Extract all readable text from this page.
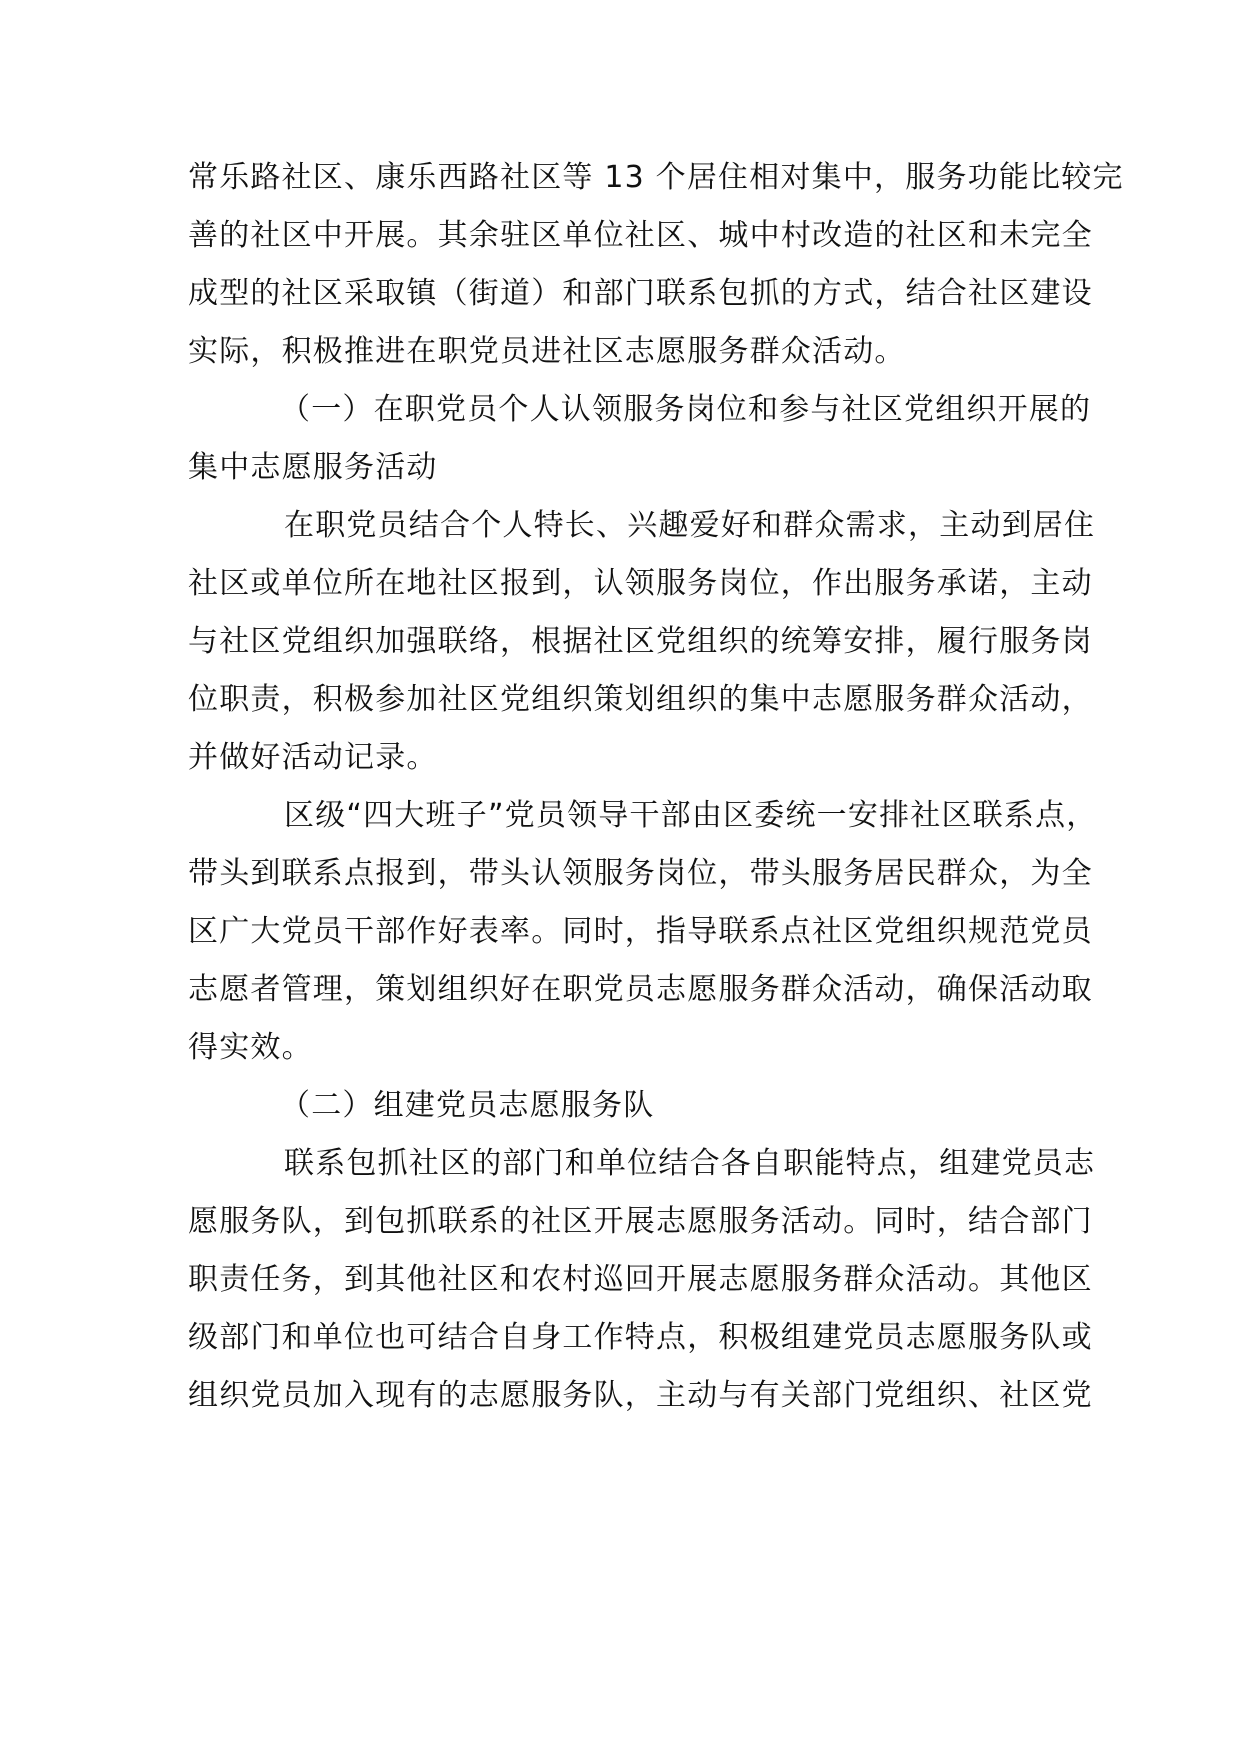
常乐路社区、康乐西路社区等 13 个居住相对集中，服务功能比较完
善的社区中开展。其余驻区单位社区、城中村改造的社区和未完全
成型的社区采取镇（街道）和部门联系包抓的方式，结合社区建设
实际，积极推进在职党员进社区志愿服务群众活动。
（一）在职党员个人认领服务岗位和参与社区党组织开展的
集中志愿服务活动
在职党员结合个人特长、兴趣爱好和群众需求，主动到居住
社区或单位所在地社区报到，认领服务岗位，作出服务承诺，主动
与社区党组织加强联络，根据社区党组织的统筹安排，履行服务岗
位职责，积极参加社区党组织策划组织的集中志愿服务群众活动，
并做好活动记录。
区级“四大班子”党员领导干部由区委统一安排社区联系点，
带头到联系点报到，带头认领服务岗位，带头服务居民群众，为全
区广大党员干部作好表率。同时，指导联系点社区党组织规范党员
志愿者管理，策划组织好在职党员志愿服务群众活动，确保活动取
得实效。
（二）组建党员志愿服务队
联系包抓社区的部门和单位结合各自职能特点，组建党员志
愿服务队，到包抓联系的社区开展志愿服务活动。同时，结合部门
职责任务，到其他社区和农村巡回开展志愿服务群众活动。其他区
级部门和单位也可结合自身工作特点，积极组建党员志愿服务队或
组织党员加入现有的志愿服务队，主动与有关部门党组织、社区党
